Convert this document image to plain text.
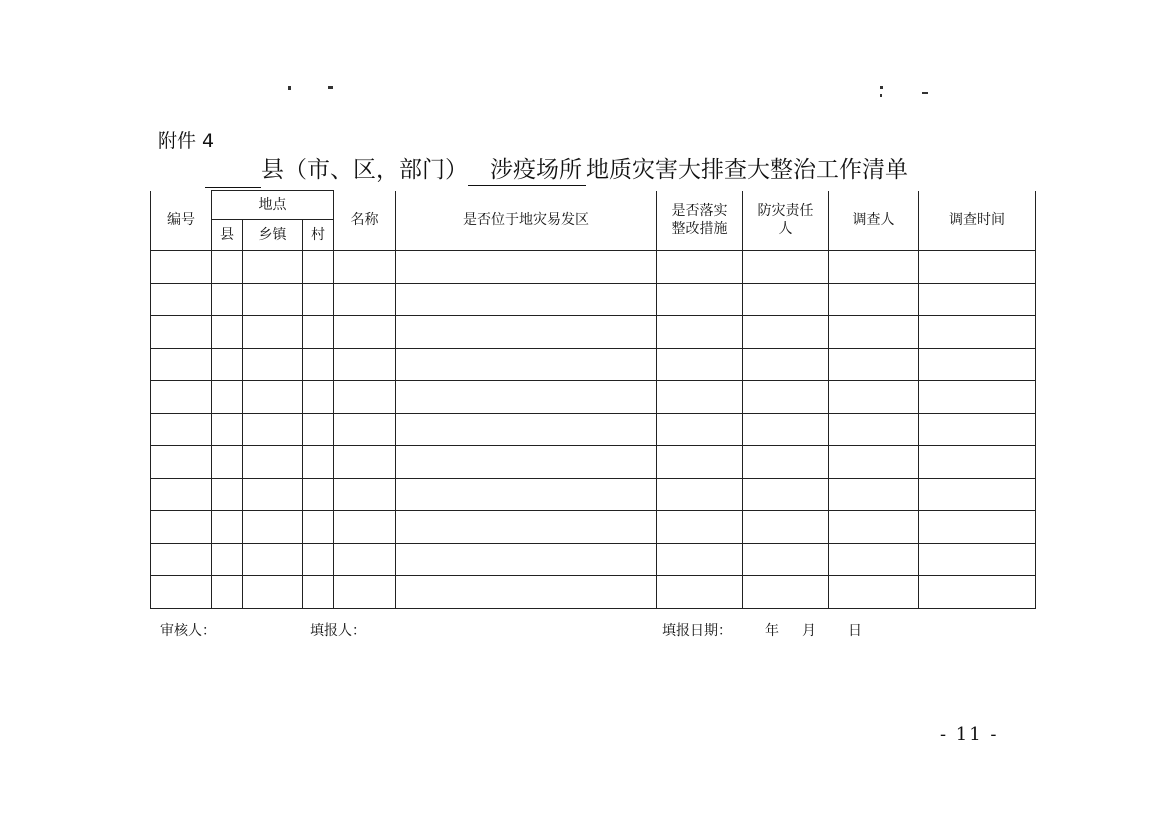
附件 4
县（市、区，部门） 涉疫场所 地质灾害大排查大整治工作清单
编号	地点			名称	是否位于地灾易发区	是否落实整改措施	防灾责任人	调查人	调查时间
	县	乡镇	村						

审核人：	填报人：	填报日期： 年 月 日
- 11 -
